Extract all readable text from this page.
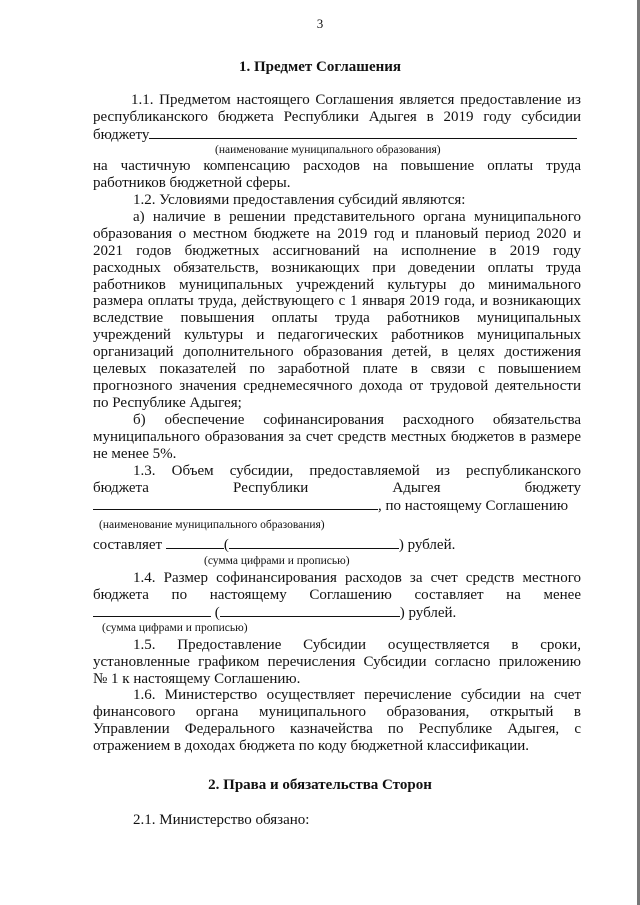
3
1. Предмет Соглашения
1.1. Предметом настоящего Соглашения является предоставление из
республиканского бюджета Республики Адыгея в 2019 году субсидии
бюджету
(наименование муниципального образования)
на частичную компенсацию расходов на повышение оплаты труда
работников бюджетной сферы.
1.2. Условиями предоставления субсидий являются:
а) наличие в решении представительного органа муниципального
образования о местном бюджете на 2019 год и плановый период 2020 и
2021 годов бюджетных ассигнований на исполнение в 2019 году
расходных обязательств, возникающих при доведении оплаты труда
работников муниципальных учреждений культуры до минимального
размера оплаты труда, действующего с 1 января 2019 года, и возникающих
вследствие повышения оплаты труда работников муниципальных
учреждений культуры и педагогических работников муниципальных
организаций дополнительного образования детей, в целях достижения
целевых показателей по заработной плате в связи с повышением
прогнозного значения среднемесячного дохода от трудовой деятельности
по Республике Адыгея;
б) обеспечение софинансирования расходного обязательства
муниципального образования за счет средств местных бюджетов в размере
не менее 5%.
1.3. Объем субсидии, предоставляемой из республиканского
бюджета Республики Адыгея бюджету
, по настоящему Соглашению
(наименование муниципального образования)
составляет	(	) рублей.
(сумма цифрами и прописью)
1.4. Размер софинансирования расходов за счет средств местного
бюджета по настоящему Соглашению составляет на менее
(	) рублей.
(сумма цифрами и прописью)
1.5. Предоставление Субсидии осуществляется в сроки,
установленные графиком перечисления Субсидии согласно приложению
№ 1 к настоящему Соглашению.
1.6. Министерство осуществляет перечисление субсидии на счет
финансового органа муниципального образования, открытый в
Управлении Федерального казначейства по Республике Адыгея, с
отражением в доходах бюджета по коду бюджетной классификации.
2. Права и обязательства Сторон
2.1. Министерство обязано:
